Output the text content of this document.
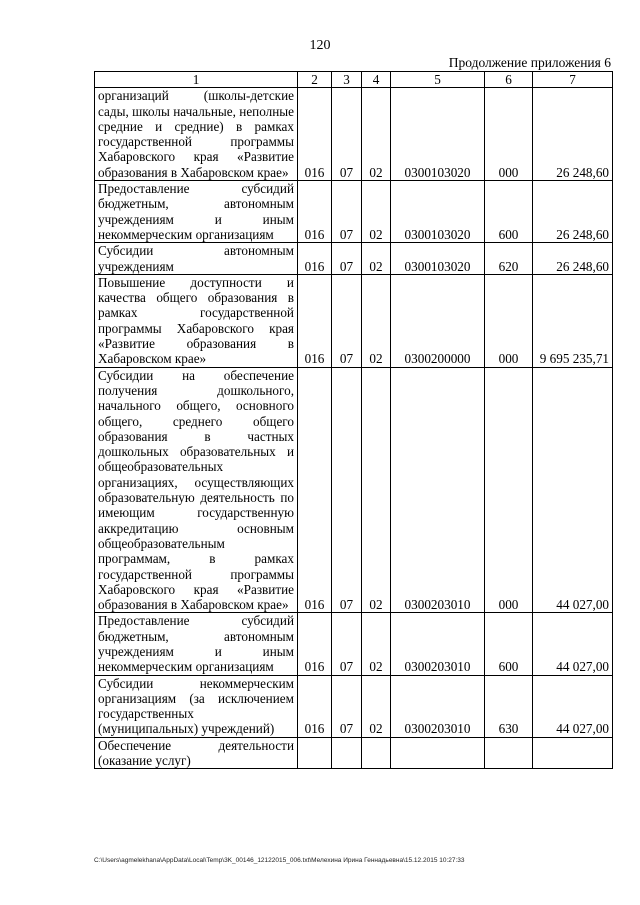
120
Продолжение приложения 6
1	2	3	4	5	6	7
организаций (школы-детские сады, школы начальные, неполные средние и средние) в рамках государственной программы Хабаровского края «Развитие образования в Хабаровском крае»	016	07	02	0300103020	000	26 248,60
Предоставление субсидий бюджетным, автономным учреждениям и иным некоммерческим организациям	016	07	02	0300103020	600	26 248,60
Субсидии автономным учреждениям	016	07	02	0300103020	620	26 248,60
Повышение доступности и качества общего образования в рамках государственной программы Хабаровского края «Развитие образования в Хабаровском крае»	016	07	02	0300200000	000	9 695 235,71
Субсидии на обеспечение получения дошкольного, начального общего, основного общего, среднего общего образования в частных дошкольных образовательных и общеобразовательных организациях, осуществляющих образовательную деятельность по имеющим государственную аккредитацию основным общеобразовательным программам, в рамках государственной программы Хабаровского края «Развитие образования в Хабаровском крае»	016	07	02	0300203010	000	44 027,00
Предоставление субсидий бюджетным, автономным учреждениям и иным некоммерческим организациям	016	07	02	0300203010	600	44 027,00
Субсидии некоммерческим организациям (за исключением государственных (муниципальных) учреждений)	016	07	02	0300203010	630	44 027,00
Обеспечение деятельности (оказание услуг)						
C:\Users\agmelekhana\AppData\Local\Temp\3K_00146_12122015_006.txt\Мелехина Ирина Геннадьевна\15.12.2015 10:27:33
